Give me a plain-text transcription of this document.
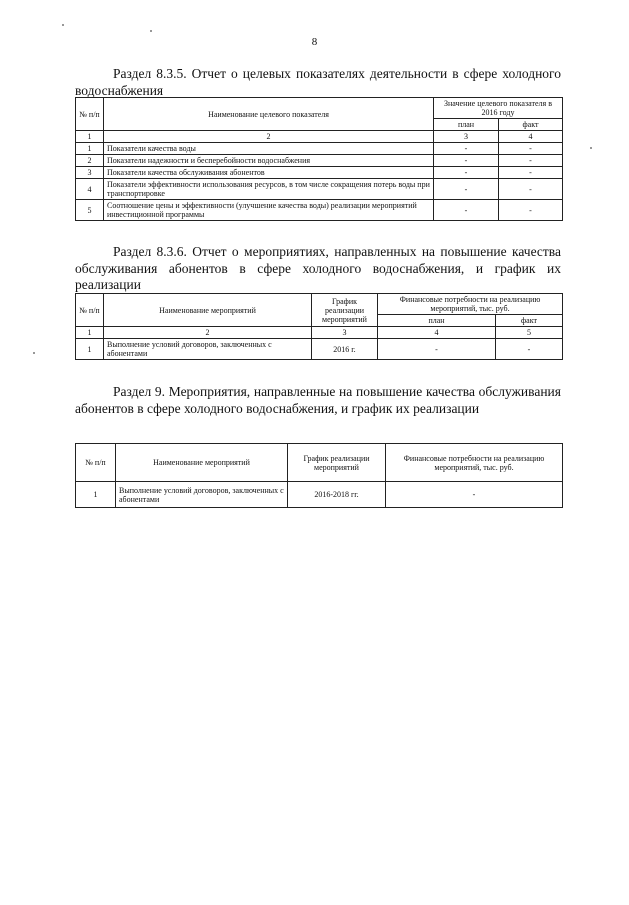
8
Раздел 8.3.5. Отчет о целевых показателях деятельности в сфере холодного водоснабжения
№ п/п	Наименование целевого показателя	Значение целевого показателя в 2016 году	
		план	факт
1	2	3	4
1	Показатели качества воды	-	-
2	Показатели надежности и бесперебойности водоснабжения	-	-
3	Показатели качества обслуживания абонентов	-	-
4	Показатели эффективности использования ресурсов, в том числе сокращения потерь воды при транспортировке	-	-
5	Соотношение цены и эффективности (улучшение качества воды) реализации мероприятий инвестиционной программы	-	-
Раздел 8.3.6. Отчет о мероприятиях, направленных на повышение качества обслуживания абонентов в сфере холодного водоснабжения, и график их реализации
№ п/п	Наименование мероприятий	График реализации мероприятий	Финансовые потребности на реализацию мероприятий, тыс. руб.	
			план	факт
1	2	3	4	5
1	Выполнение условий договоров, заключенных с абонентами	2016 г.	-	-
Раздел 9. Мероприятия, направленные на повышение качества обслуживания абонентов в сфере холодного водоснабжения, и график их реализации
№ п/п	Наименование мероприятий	График реализации мероприятий	Финансовые потребности на реализацию мероприятий, тыс. руб.
1	Выполнение условий договоров, заключенных с абонентами	2016-2018 гг.	-
